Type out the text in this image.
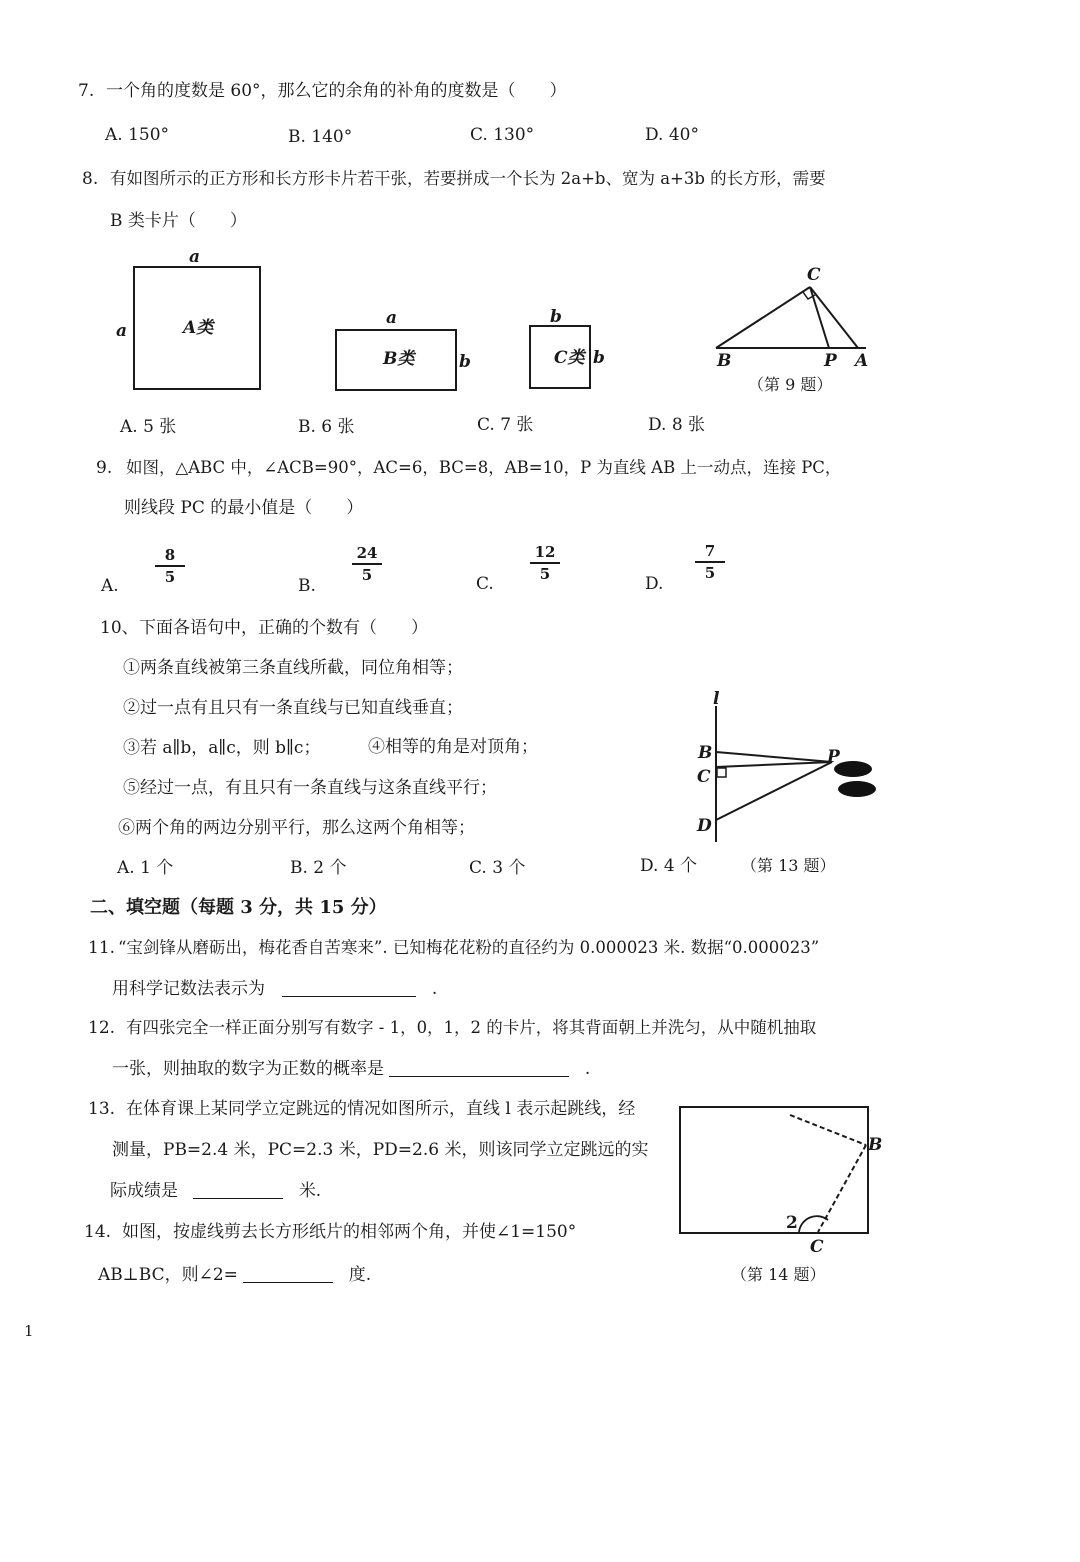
7. 一个角的度数是 60°，那么它的余角的补角的度数是（　　）
A. 150°	B. 140°	C. 130°	D. 40°
8. 有如图所示的正方形和长方形卡片若干张，若要拼成一个长为 2a+b、宽为 a+3b 的长方形，需要
B 类卡片（　　）
a
a	A类	a
b
B类
b
b
C类
C
B	P A
（第 9 题）
A. 5 张	B. 6 张	C. 7 张	D. 8 张
9. 如图，△ABC 中，∠ACB=90°，AC=6，BC=8，AB=10，P 为直线 AB 上一动点，连接 PC，
则线段 PC 的最小值是（　　）
A. $\frac{8}{5}$	B.
$\frac{24}{5}$	C.
$\frac{12}{5}$
D.
$\frac{7}{5}$
10、 下面各语句中，正确的个数有（　　）
①两条直线被第三条直线所截，同位角相等；
②过一点有且只有一条直线与已知直线垂直；
③若 a∥b，a∥c，则 b∥c；	④相等的角是对顶角；
⑤经过一点，有且只有一条直线与这条直线平行；
⑥两个角的两边分别平行，那么这两个角相等；
l
B
C
D
P
A. 1 个	B. 2 个	C. 3 个	D. 4 个	（第 13 题）
二、填空题（每题 3 分，共 15 分）
11. “宝剑锋从磨砺出，梅花香自苦寒来”. 已知梅花花粉的直径约为 0.000023 米. 数据“0.000023”
用科学记数法表示为	.
12. 有四张完全一样正面分别写有数字 - 1，0，1，2 的卡片，将其背面朝上并洗匀，从中随机抽取
一张，则抽取的数字为正数的概率是	.
13. 在体育课上某同学立定跳远的情况如图所示，直线 l 表示起跳线，经
测量，PB=2.4 米，PC=2.3 米，PD=2.6 米，则该同学立定跳远的实
际成绩是	米.
B
2
C
（第 14 题）
14. 如图，按虚线剪去长方形纸片的相邻两个角，并使∠1=150°
AB⊥BC，则∠2=	度.
1
